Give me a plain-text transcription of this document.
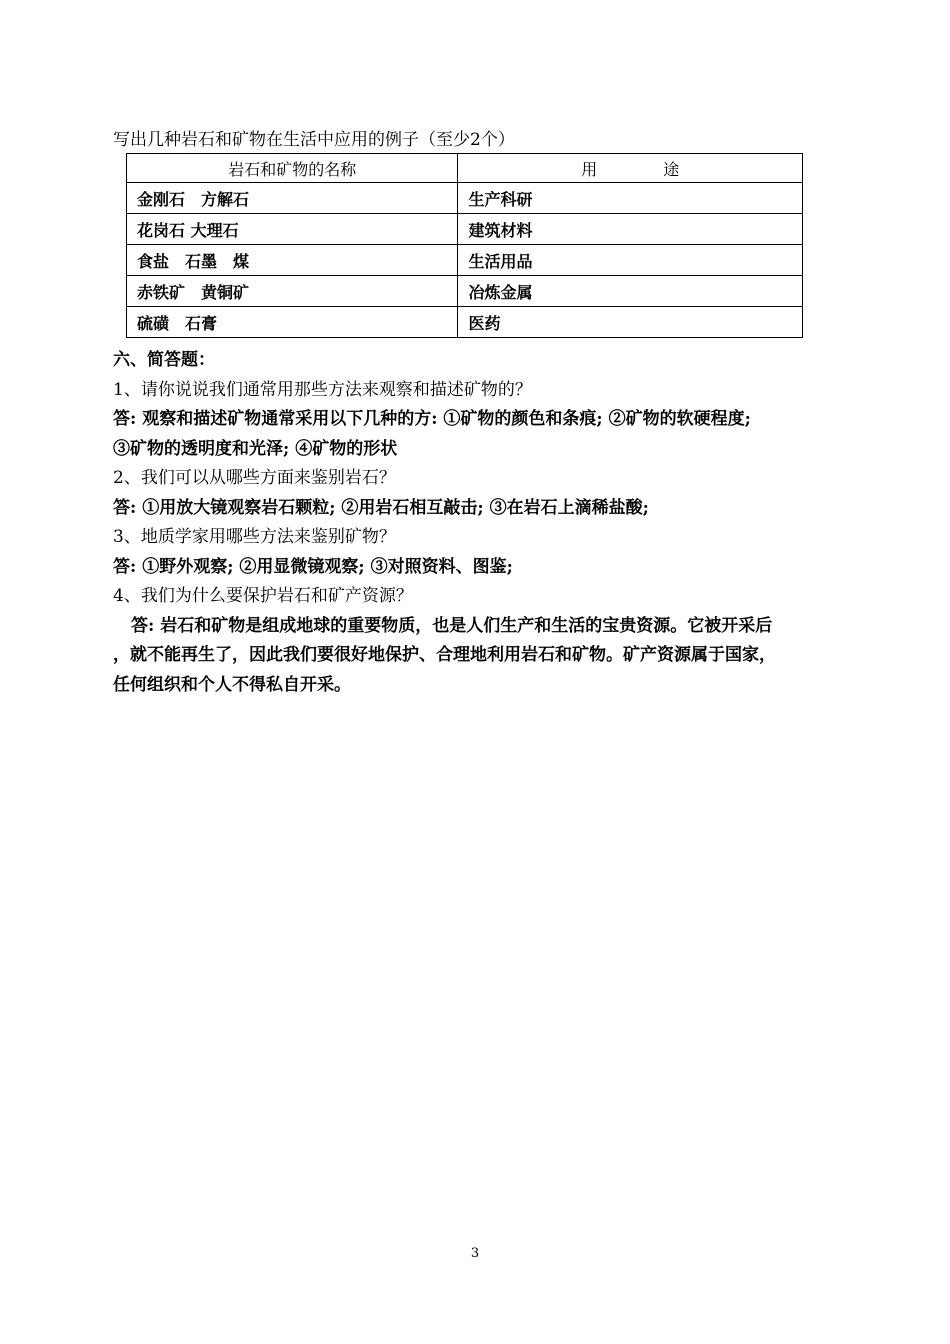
写出几种岩石和矿物在生活中应用的例子（至少2个）
岩石和矿物的名称	用 途
金刚石　方解石	生产科研
花岗石 大理石	建筑材料
食盐　石墨　煤	生活用品
赤铁矿　黄铜矿	冶炼金属
硫磺　石膏	医药

六、简答题：

1、请你说说我们通常用那些方法来观察和描述矿物的？

答: 观察和描述矿物通常采用以下几种的方: ①矿物的颜色和条痕; ②矿物的软硬程度;

③矿物的透明度和光泽; ④矿物的形状

2、我们可以从哪些方面来鉴别岩石？

答: ①用放大镜观察岩石颗粒; ②用岩石相互敲击; ③在岩石上滴稀盐酸;

3、地质学家用哪些方法来鉴别矿物？

答: ①野外观察; ②用显微镜观察; ③对照资料、图鉴;

4、我们为什么要保护岩石和矿产资源？

答: 岩石和矿物是组成地球的重要物质，也是人们生产和生活的宝贵资源。它被开采后

，就不能再生了，因此我们要很好地保护、合理地利用岩石和矿物。矿产资源属于国家，

任何组织和个人不得私自开采。

3
